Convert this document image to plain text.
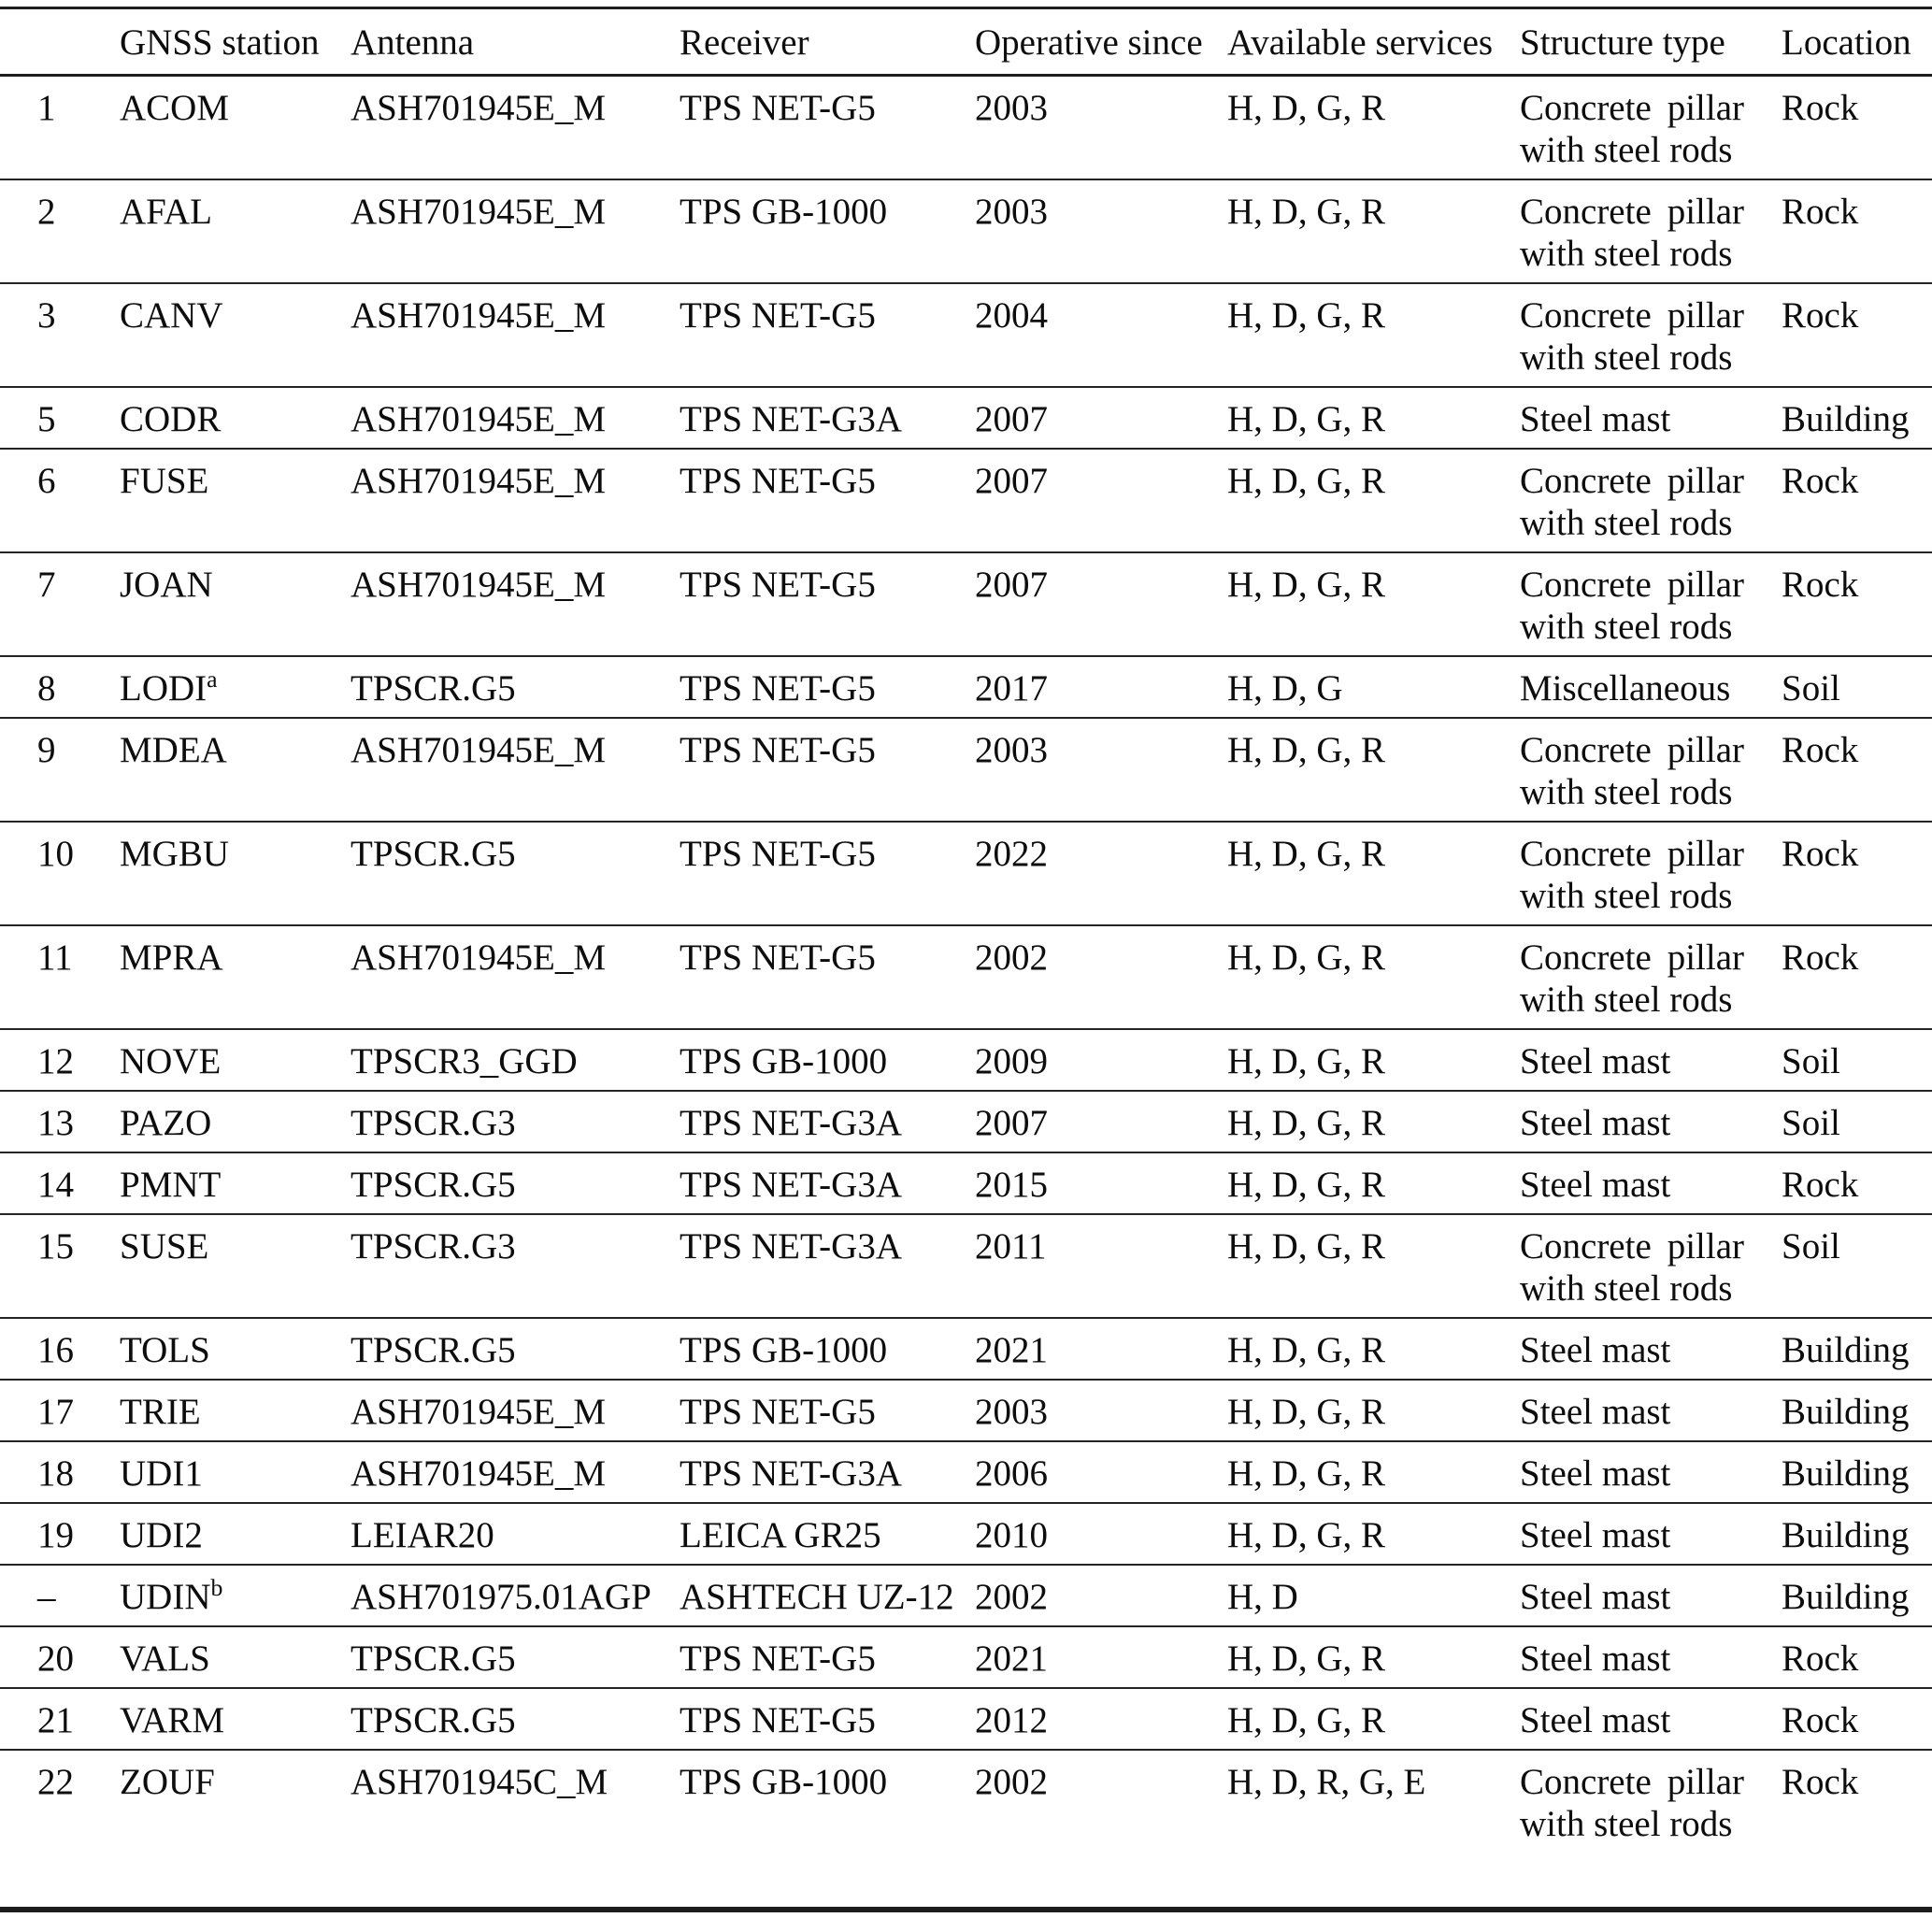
	GNSS station	Antenna	Receiver	Operative since	Available services	Structure type	Location
1	ACOM	ASH701945E_M	TPS NET-G5	2003	H, D, G, R	Concrete pillar with steel rods	Rock
2	AFAL	ASH701945E_M	TPS GB-1000	2003	H, D, G, R	Concrete pillar with steel rods	Rock
3	CANV	ASH701945E_M	TPS NET-G5	2004	H, D, G, R	Concrete pillar with steel rods	Rock
5	CODR	ASH701945E_M	TPS NET-G3A	2007	H, D, G, R	Steel mast	Building
6	FUSE	ASH701945E_M	TPS NET-G5	2007	H, D, G, R	Concrete pillar with steel rods	Rock
7	JOAN	ASH701945E_M	TPS NET-G5	2007	H, D, G, R	Concrete pillar with steel rods	Rock
8	LODI$^a$	TPSCR.G5	TPS NET-G5	2017	H, D, G	Miscellaneous	Soil
9	MDEA	ASH701945E_M	TPS NET-G5	2003	H, D, G, R	Concrete pillar with steel rods	Rock
10	MGBU	TPSCR.G5	TPS NET-G5	2022	H, D, G, R	Concrete pillar with steel rods	Rock
11	MPRA	ASH701945E_M	TPS NET-G5	2002	H, D, G, R	Concrete pillar with steel rods	Rock
12	NOVE	TPSCR3_GGD	TPS GB-1000	2009	H, D, G, R	Steel mast	Soil
13	PAZO	TPSCR.G3	TPS NET-G3A	2007	H, D, G, R	Steel mast	Soil
14	PMNT	TPSCR.G5	TPS NET-G3A	2015	H, D, G, R	Steel mast	Rock
15	SUSE	TPSCR.G3	TPS NET-G3A	2011	H, D, G, R	Concrete pillar with steel rods	Soil
16	TOLS	TPSCR.G5	TPS GB-1000	2021	H, D, G, R	Steel mast	Building
17	TRIE	ASH701945E_M	TPS NET-G5	2003	H, D, G, R	Steel mast	Building
18	UDI1	ASH701945E_M	TPS NET-G3A	2006	H, D, G, R	Steel mast	Building
19	UDI2	LEIAR20	LEICA GR25	2010	H, D, G, R	Steel mast	Building
–	UDIN$^b$	ASH701975.01AGP	ASHTECH UZ-12	2002	H, D	Steel mast	Building
20	VALS	TPSCR.G5	TPS NET-G5	2021	H, D, G, R	Steel mast	Rock
21	VARM	TPSCR.G5	TPS NET-G5	2012	H, D, G, R	Steel mast	Rock
22	ZOUF	ASH701945C_M	TPS GB-1000	2002	H, D, R, G, E	Concrete pillar with steel rods	Rock
